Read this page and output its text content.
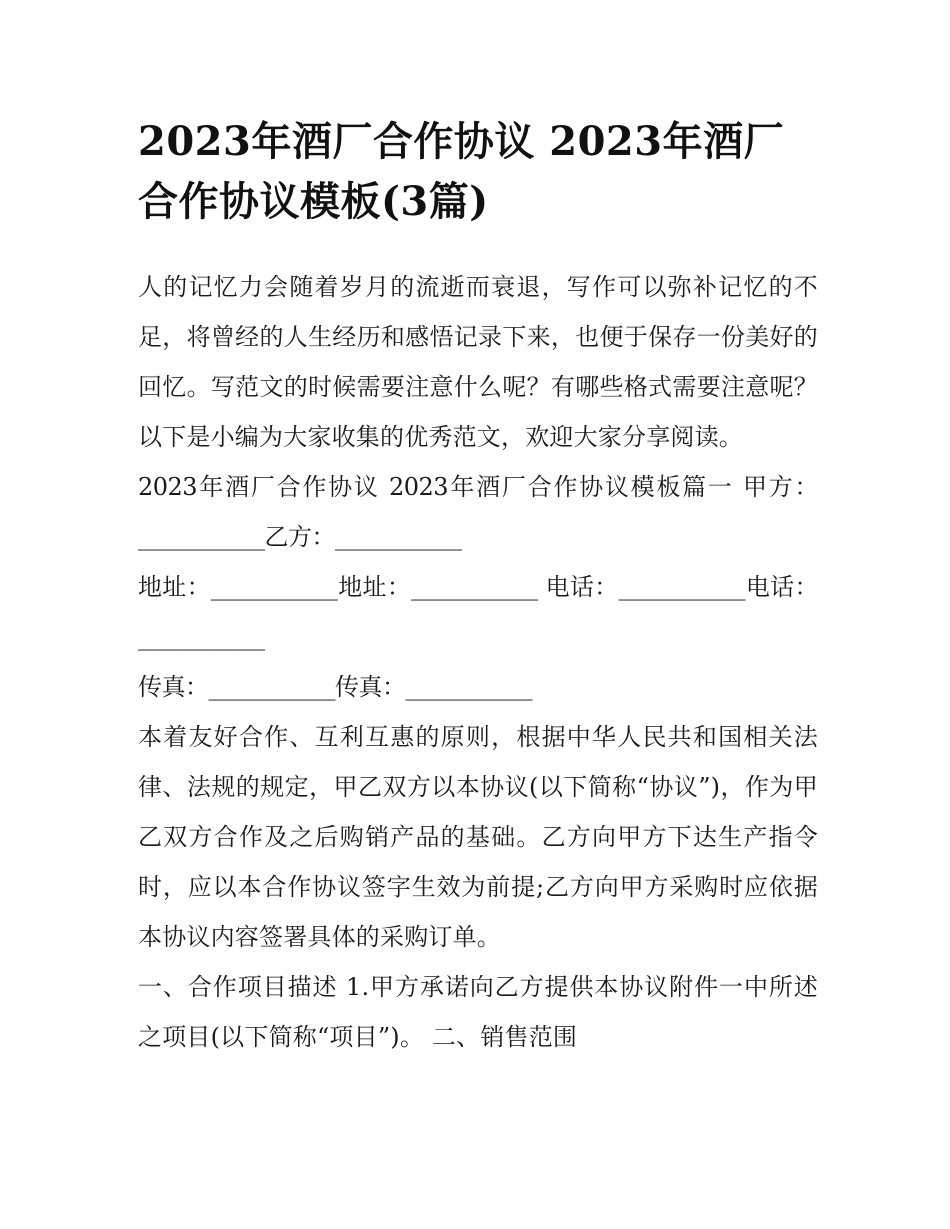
2023年酒厂合作协议 2023年酒厂合作协议模板(3篇)

人的记忆力会随着岁月的流逝而衰退，写作可以弥补记忆的不足，将曾经的人生经历和感悟记录下来，也便于保存一份美好的回忆。写范文的时候需要注意什么呢？有哪些格式需要注意呢？以下是小编为大家收集的优秀范文，欢迎大家分享阅读。

2023年酒厂合作协议 2023年酒厂合作协议模板篇一 甲方：___________乙方：___________

地址：___________地址：___________ 电话：___________电话：___________

传真：___________传真：___________

本着友好合作、互利互惠的原则，根据中华人民共和国相关法律、法规的规定，甲乙双方以本协议(以下简称“协议”)，作为甲乙双方合作及之后购销产品的基础。乙方向甲方下达生产指令时，应以本合作协议签字生效为前提;乙方向甲方采购时应依据本协议内容签署具体的采购订单。

一、合作项目描述 1.甲方承诺向乙方提供本协议附件一中所述之项目(以下简称“项目”)。 二、销售范围
